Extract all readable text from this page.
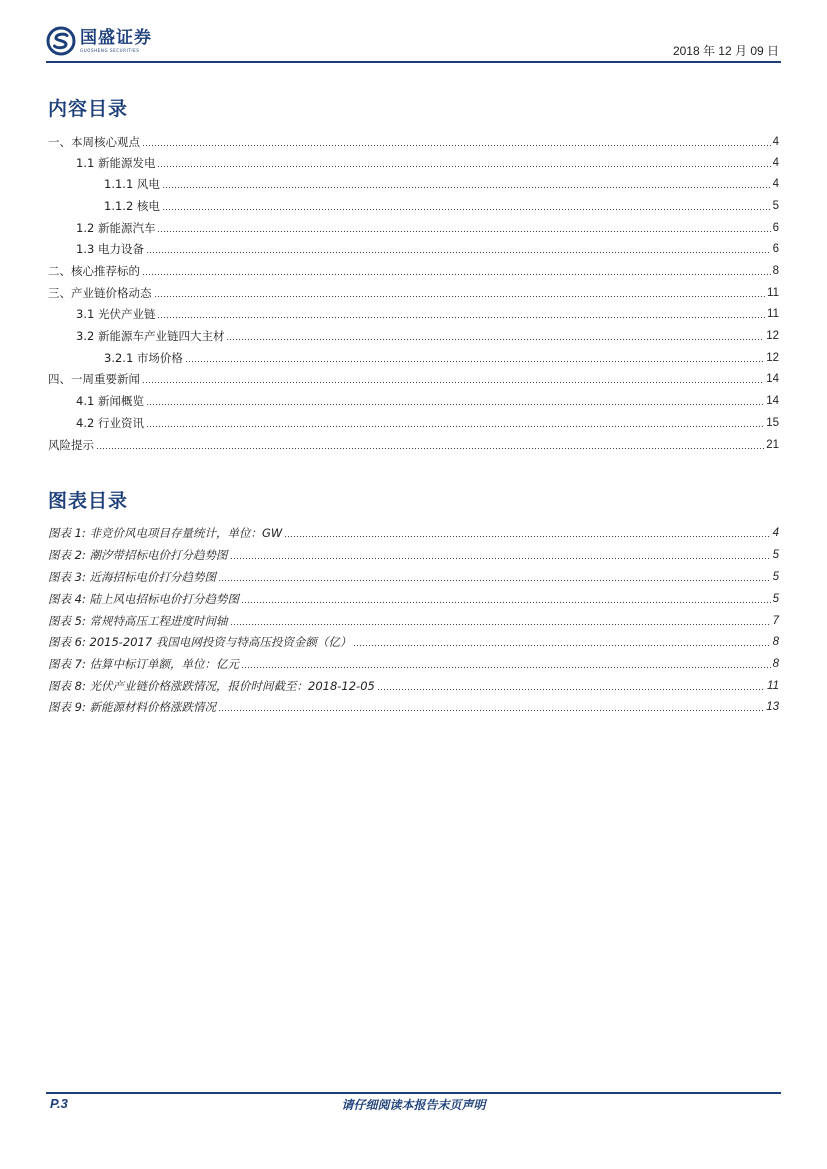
国盛证券
GUOSHENG SECURITIES	2018 年 12 月 09 日
内容目录
一、本周核心观点	4
1.1 新能源发电	4
1.1.1 风电	4
1.1.2 核电	5
1.2 新能源汽车	6
1.3 电力设备	6
二、核心推荐标的	8
三、产业链价格动态	11
3.1 光伏产业链	11
3.2 新能源车产业链四大主材	12
3.2.1 市场价格	12
四、一周重要新闻	14
4.1 新闻概览	14
4.2 行业资讯	15
风险提示	21
图表目录
图表 1: 非竞价风电项目存量统计，单位：GW	4
图表 2: 潮汐带招标电价打分趋势图	5
图表 3: 近海招标电价打分趋势图	5
图表 4: 陆上风电招标电价打分趋势图	5
图表 5: 常规特高压工程进度时间轴	7
图表 6: 2015-2017 我国电网投资与特高压投资金额（亿）	8
图表 7: 估算中标订单额，单位：亿元	8
图表 8: 光伏产业链价格涨跌情况，报价时间截至：2018-12-05	11
图表 9: 新能源材料价格涨跌情况	13
P.3	请仔细阅读本报告末页声明
